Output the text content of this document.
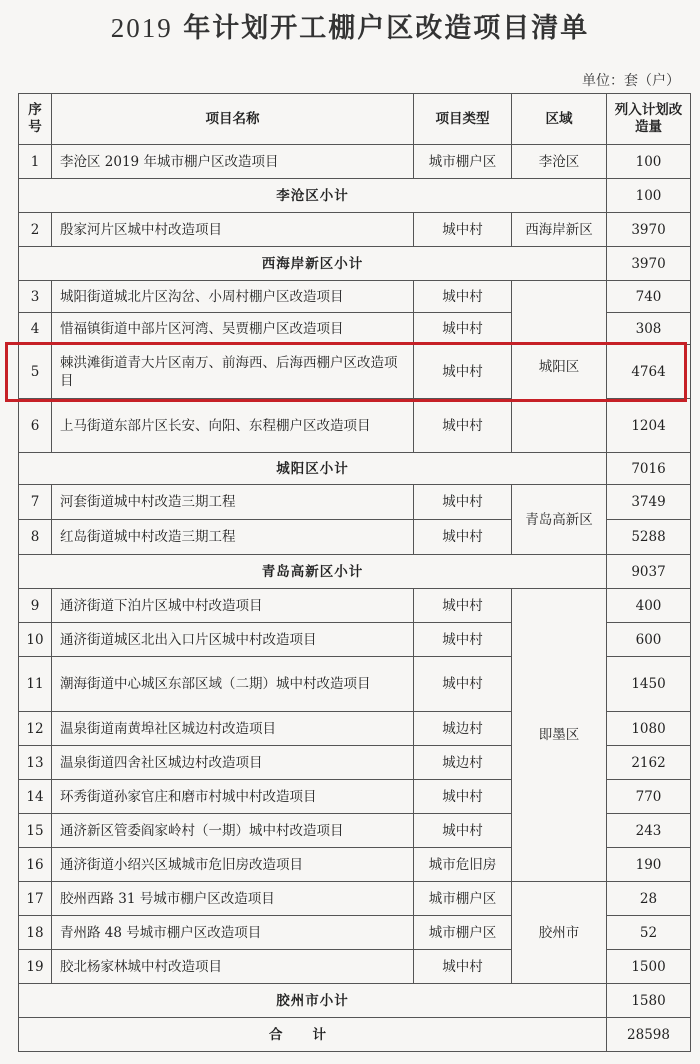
2019 年计划开工棚户区改造项目清单
单位：套（户）
序号	项目名称	项目类型	区域	列入计划改造量
1	李沧区 2019 年城市棚户区改造项目	城市棚户区	李沧区	100
李沧区小计				100
2	殷家河片区城中村改造项目	城中村	西海岸新区	3970
西海岸新区小计				3970
3	城阳街道城北片区沟岔、小周村棚户区改造项目	城中村	城阳区	740
4	惜福镇街道中部片区河湾、吴贾棚户区改造项目	城中村		308
5	棘洪滩街道青大片区南万、前海西、后海西棚户区改造项目	城中村		4764
6	上马街道东部片区长安、向阳、东程棚户区改造项目	城中村		1204
城阳区小计				7016
7	河套街道城中村改造三期工程	城中村	青岛高新区	3749
8	红岛街道城中村改造三期工程	城中村		5288
青岛高新区小计				9037
9	通济街道下泊片区城中村改造项目	城中村	即墨区	400
10	通济街道城区北出入口片区城中村改造项目	城中村		600
11	潮海街道中心城区东部区域（二期）城中村改造项目	城中村		1450
12	温泉街道南黄埠社区城边村改造项目	城边村		1080
13	温泉街道四舍社区城边村改造项目	城边村		2162
14	环秀街道孙家官庄和磨市村城中村改造项目	城中村		770
15	通济新区管委阎家岭村（一期）城中村改造项目	城中村		243
16	通济街道小绍兴区城城市危旧房改造项目	城市危旧房		190
17	胶州西路 31 号城市棚户区改造项目	城市棚户区	胶州市	28
18	青州路 48 号城市棚户区改造项目	城市棚户区		52
19	胶北杨家林城中村改造项目	城中村		1500
胶州市小计				1580
合计				28598
